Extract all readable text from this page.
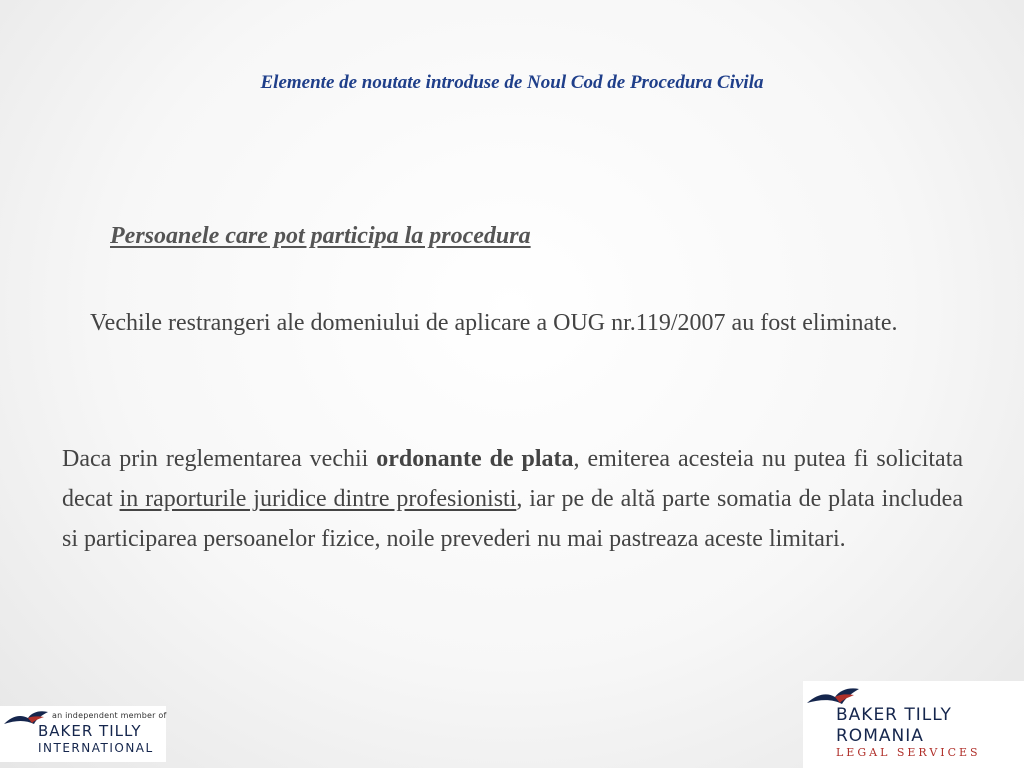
Elemente de noutate introduse de Noul Cod de Procedura Civila
Persoanele care pot participa la procedura

Vechile restrangeri ale domeniului de aplicare a OUG nr.119/2007 au fost eliminate.

Daca prin reglementarea vechii ordonante de plata, emiterea acesteia nu putea fi solicitata decat in raporturile juridice dintre profesionisti, iar pe de altă parte somatia de plata includea si participarea persoanelor fizice, noile prevederi nu mai pastreaza aceste limitari.

an independent member of
BAKER TILLY
INTERNATIONAL
BAKER TILLY
ROMANIA
LEGAL SERVICES
